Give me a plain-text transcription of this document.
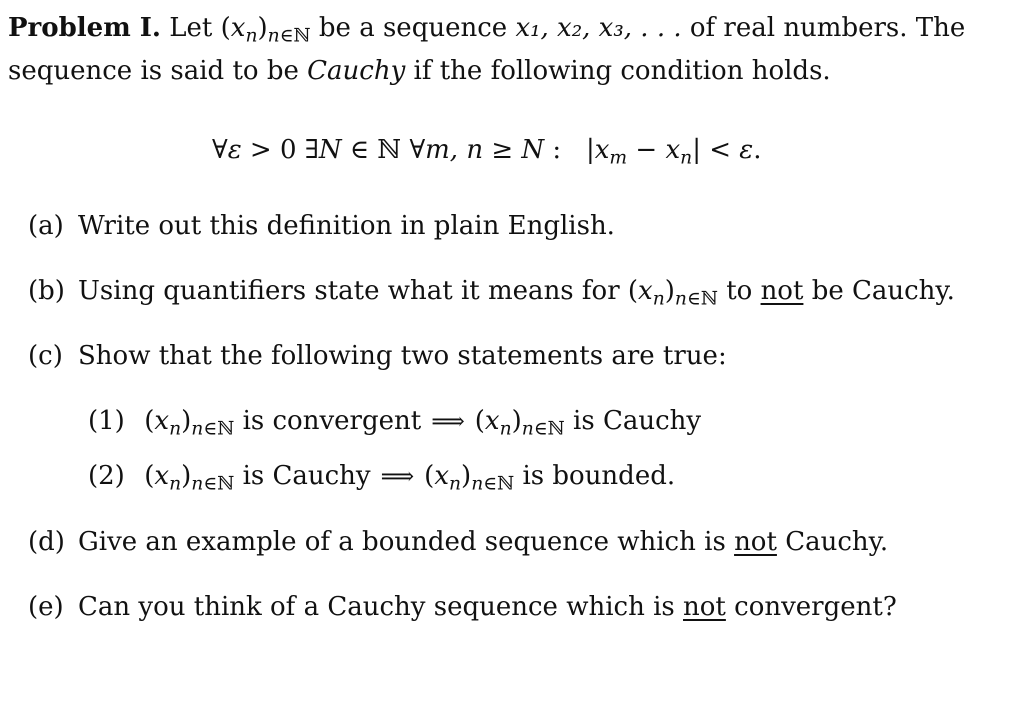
Problem I. Let $(x_n)_{n\in ℕ}$ be a sequence x₁, x₂, x₃, . . . of real numbers. The
sequence is said to be Cauchy if the following condition holds.
∀ε > 0 ∃N ∈ ℕ ∀m, n ≥ N :   $|x_m - x_n| < \varepsilon$.
(a) Write out this definition in plain English.
(b) Using quantifiers state what it means for $(x_n)_{n\in ℕ}$ to not be Cauchy.
(c) Show that the following two statements are true:
(1) $(x_n)_{n\in ℕ}$ is convergent ⟹ $(x_n)_{n\in ℕ}$ is Cauchy
(2) $(x_n)_{n\in ℕ}$ is Cauchy ⟹ $(x_n)_{n\in ℕ}$ is bounded.
(d) Give an example of a bounded sequence which is not Cauchy.
(e) Can you think of a Cauchy sequence which is not convergent?
